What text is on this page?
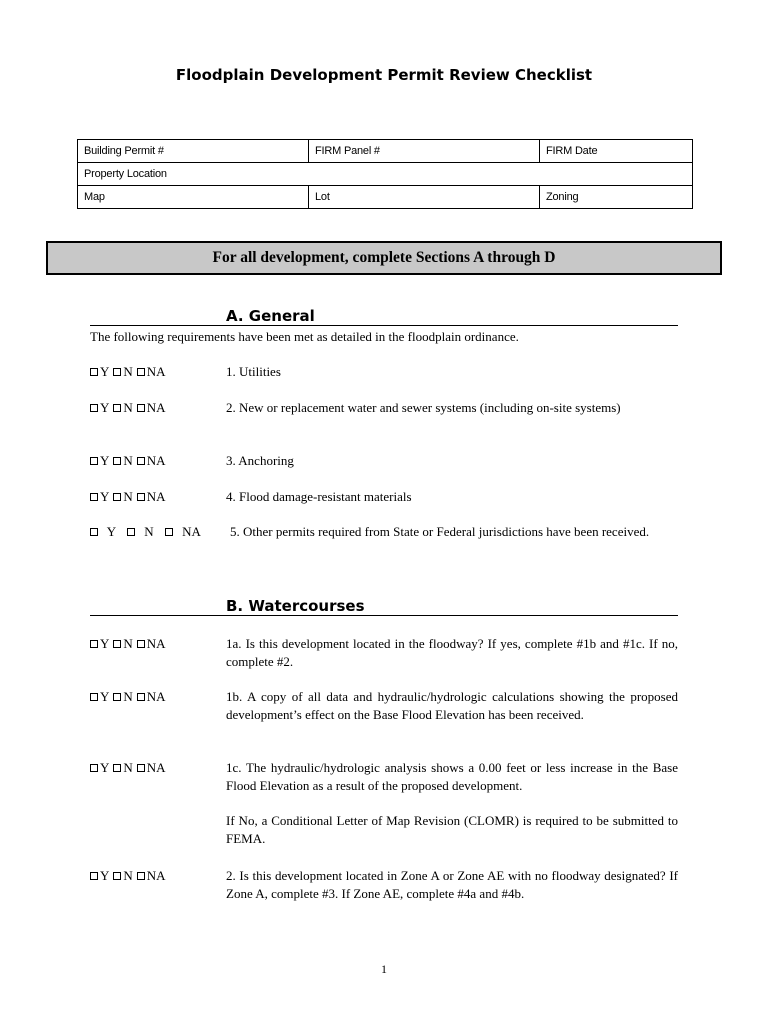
Floodplain Development Permit Review Checklist
Building Permit #	FIRM Panel #	FIRM Date
Property Location		
Map	Lot	Zoning
For all development, complete Sections A through D
A. General
The following requirements have been met as detailed in the floodplain ordinance.
Y N NA	1. Utilities
Y N NA	2. New or replacement water and sewer systems (including on-site systems)
Y N NA	3. Anchoring
Y N NA	4. Flood damage-resistant materials
Y N NA	5. Other permits required from State or Federal jurisdictions have been received.
B. Watercourses
Y N NA	1a. Is this development located in the floodway? If yes, complete #1b and #1c. If no, complete #2.
Y N NA	1b. A copy of all data and hydraulic/hydrologic calculations showing the proposed development’s effect on the Base Flood Elevation has been received.
Y N NA	1c. The hydraulic/hydrologic analysis shows a 0.00 feet or less increase in the Base Flood Elevation as a result of the proposed development.
If No, a Conditional Letter of Map Revision (CLOMR) is required to be submitted to FEMA.
Y N NA	2. Is this development located in Zone A or Zone AE with no floodway designated? If Zone A, complete #3. If Zone AE, complete #4a and #4b.
1
